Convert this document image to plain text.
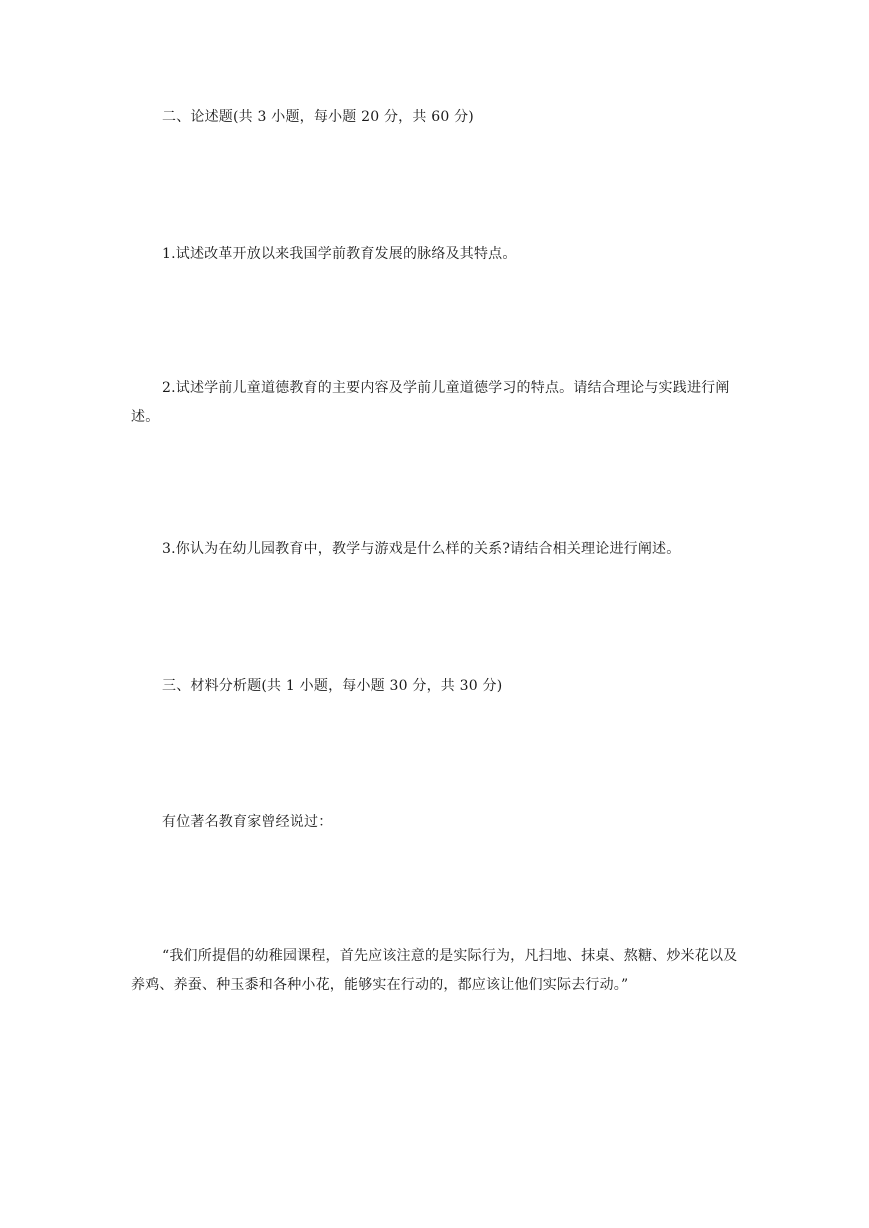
二、论述题(共 3 小题，每小题 20 分，共 60 分)

1.试述改革开放以来我国学前教育发展的脉络及其特点。

2.试述学前儿童道德教育的主要内容及学前儿童道德学习的特点。请结合理论与实践进行阐述。

3.你认为在幼儿园教育中，教学与游戏是什么样的关系?请结合相关理论进行阐述。

三、材料分析题(共 1 小题，每小题 30 分，共 30 分)

有位著名教育家曾经说过：

“我们所提倡的幼稚园课程，首先应该注意的是实际行为，凡扫地、抹桌、熬糖、炒米花以及养鸡、养蚕、种玉黍和各种小花，能够实在行动的，都应该让他们实际去行动。”
